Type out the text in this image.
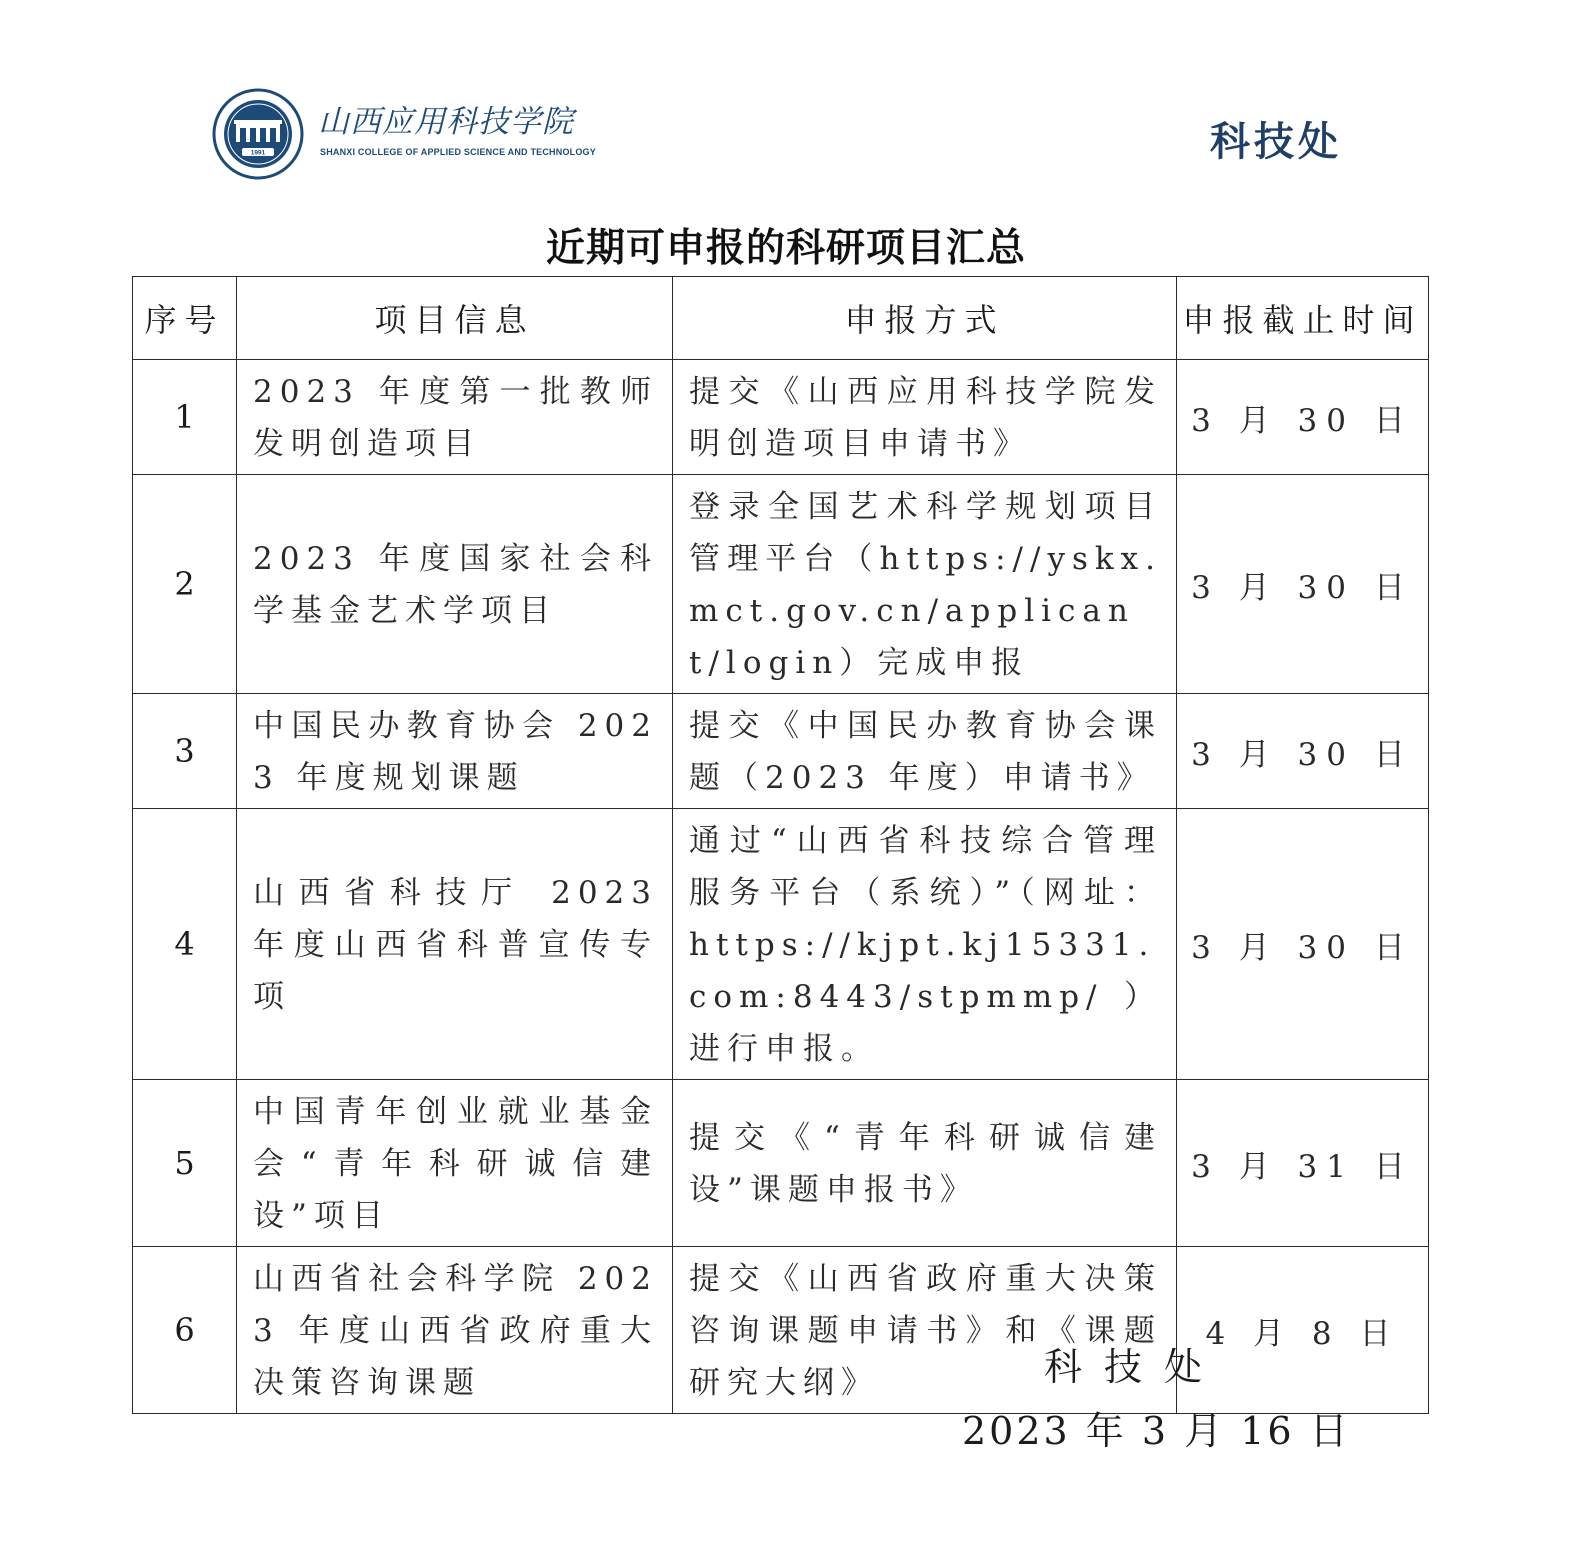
1991
山西应用科技学院
SHANXI COLLEGE OF APPLIED SCIENCE AND TECHNOLOGY	科技处
近期可申报的科研项目汇总
序号	项目信息	申报方式	申报截止时间
1	2023 年度第一批教师发明创造项目	提交《山西应用科技学院发明创造项目申请书》	3 月 30 日
2	2023 年度国家社会科学基金艺术学项目	登录全国艺术科学规划项目管理平台（https://yskx.mct.gov.cn/applicant/login）完成申报	3 月 30 日
3	中国民办教育协会 2023 年度规划课题	提交《中国民办教育协会课题（2023 年度）申请书》	3 月 30 日
4	山西省科技厅 2023 年度山西省科普宣传专项	通过“山西省科技综合管理服务平台（系统）”（网址：https://kjpt.kj15331.com:8443/stpmmp/）进行申报。	3 月 30 日
5	中国青年创业就业基金会“青年科研诚信建设”项目	提交《“青年科研诚信建设”课题申报书》	3 月 31 日
6	山西省社会科学院 2023 年度山西省政府重大决策咨询课题	提交《山西省政府重大决策咨询课题申请书》和《课题研究大纲》	4 月 8 日
科技处
2023 年 3 月 16 日
